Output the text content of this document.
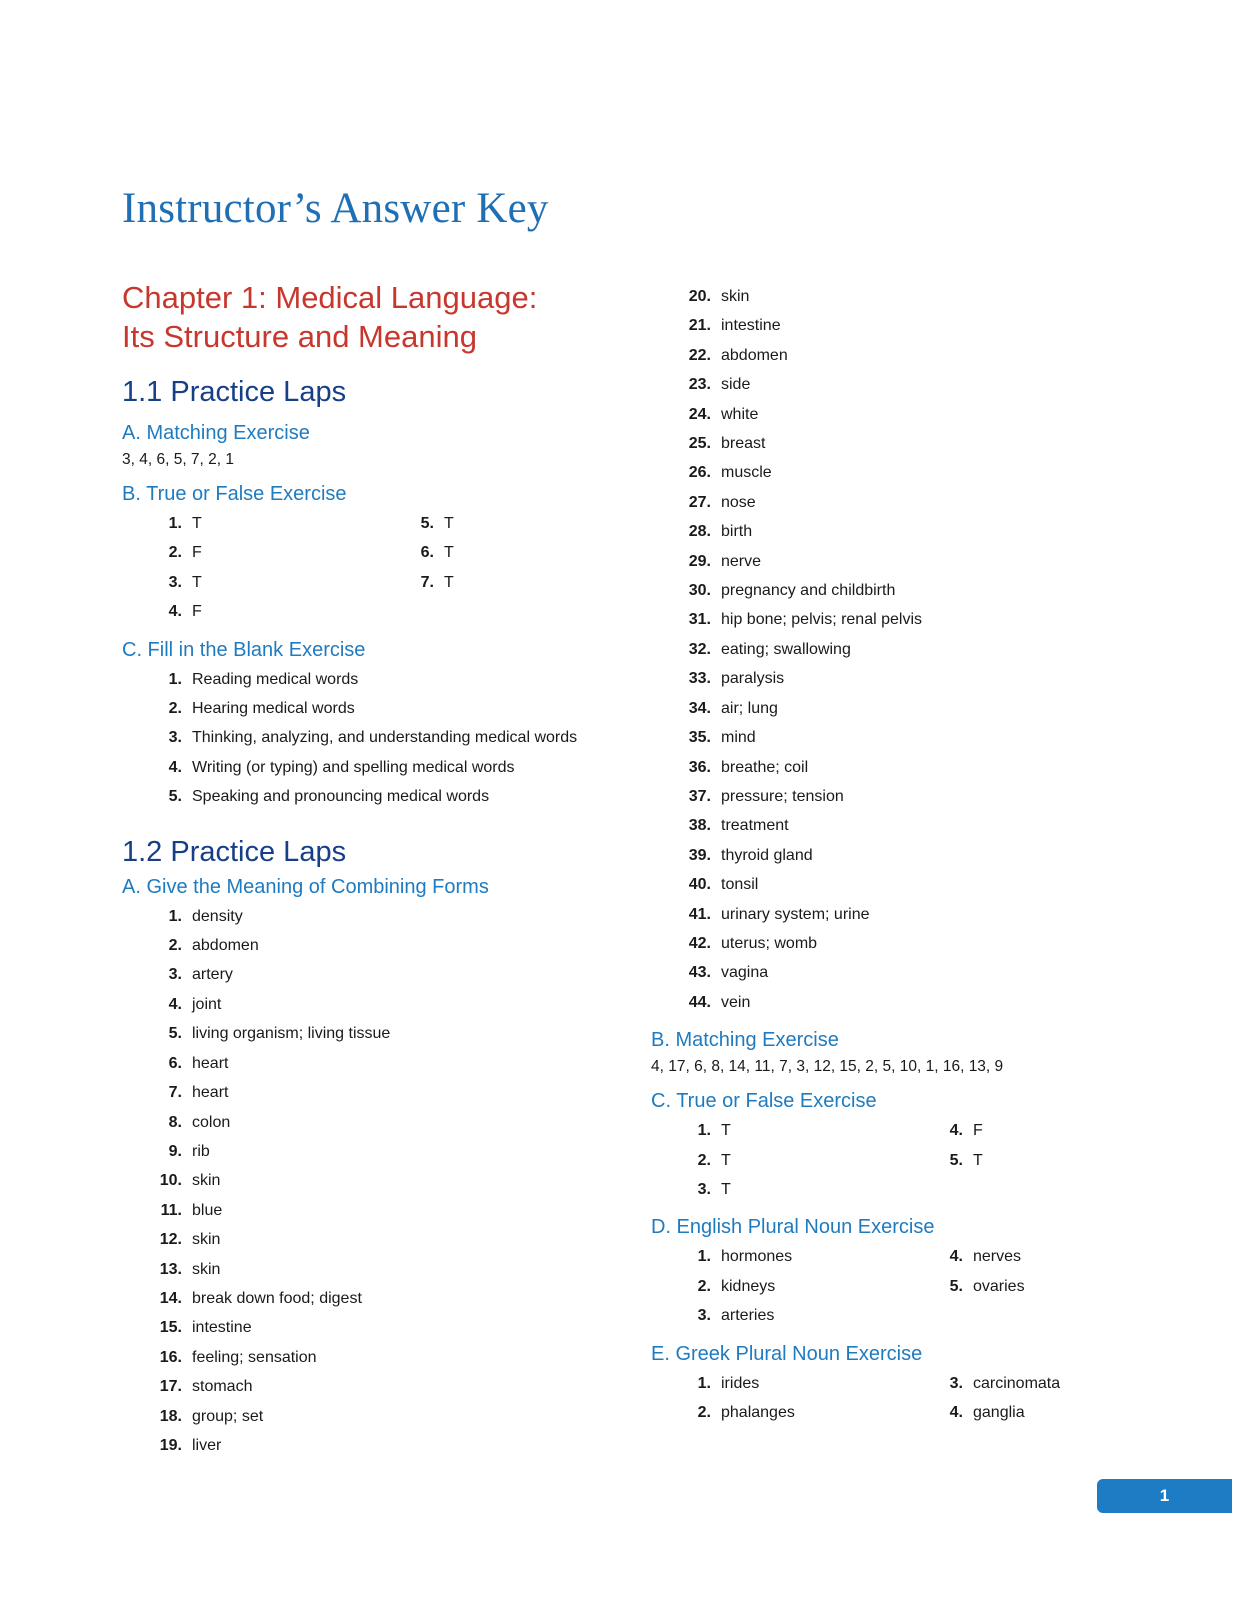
Instructor’s Answer Key
Chapter 1: Medical Language:
Its Structure and Meaning
1.1 Practice Laps
A. Matching Exercise
3, 4, 6, 5, 7, 2, 1
B. True or False Exercise
1. T	5. T
2. F	6. T
3. T	7. T
4. F
C. Fill in the Blank Exercise
1. Reading medical words
2. Hearing medical words
3. Thinking, analyzing, and understanding medical words
4. Writing (or typing) and spelling medical words
5. Speaking and pronouncing medical words
1.2 Practice Laps
A. Give the Meaning of Combining Forms
1. density
2. abdomen
3. artery
4. joint
5. living organism; living tissue
6. heart
7. heart
8. colon
9. rib
10. skin
11. blue
12. skin
13. skin
14. break down food; digest
15. intestine
16. feeling; sensation
17. stomach
18. group; set
19. liver
20. skin
21. intestine
22. abdomen
23. side
24. white
25. breast
26. muscle
27. nose
28. birth
29. nerve
30. pregnancy and childbirth
31. hip bone; pelvis; renal pelvis
32. eating; swallowing
33. paralysis
34. air; lung
35. mind
36. breathe; coil
37. pressure; tension
38. treatment
39. thyroid gland
40. tonsil
41. urinary system; urine
42. uterus; womb
43. vagina
44. vein
B. Matching Exercise
4, 17, 6, 8, 14, 11, 7, 3, 12, 15, 2, 5, 10, 1, 16, 13, 9
C. True or False Exercise
1. T	4. F
2. T	5. T
3. T
D. English Plural Noun Exercise
1. hormones	4. nerves
2. kidneys	5. ovaries
3. arteries
E. Greek Plural Noun Exercise
1. irides	3. carcinomata
2. phalanges	4. ganglia
1
